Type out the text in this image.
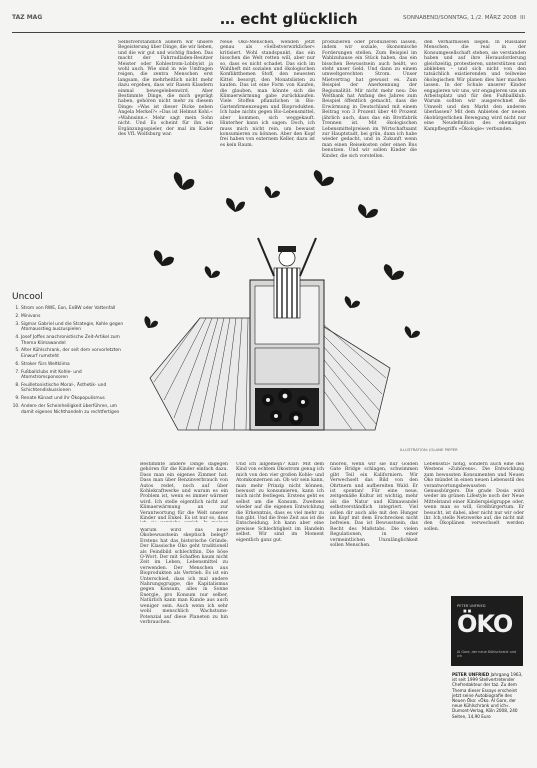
TAZ MAG	… echt glücklich	SONNABEND/SONNTAG, 1./2. MÄRZ 2008 III

Selbstverständlich äußern wir unsere Begeisterung über Dinge, die wir lieben, und die wir gut und wichtig finden. Das macht der Fahrradladen-Besitzer Meister oder Kohlestrom-Lobbyist ja wohl auch. Wie sind in wie Umfragen reigen, die zentra Menschen erst langsam, die mehrheitlich nicht mehr dazu ergeben, dass wir Rasen Klasdern einmal bewegelebenwird. Aber Bestimmte Dinge, die mich geprägt haben, gehören nicht mehr zu diesem Dinge: »Was ist dieser Dicke neben Angela Merkel?« »Das ist Helmut Kohl.« »Wahnsinn.« Mehr sagt mein Sohn nicht. Und Es scheint für ihn ein Ergänzungsspieler, der mal im Kader des VfL Wolfsburg war.

Neue Öko-Menschen, wenden jetzt genau als »Selbstverwirklicher« kritisiert. Wohl standspunkt, das ein bisschen die Welt retten will, aber nur so, dass es nicht schadet. Das sich im Wahlheft mit sozialen und ökologischen Konfliktthemen Stoff, den neuesten Kittel besorgt, den Monatslisten zu kaufen. Das ist eine Form von Kaufen, die glauben, man könnte sich die Klimaerwärmung gabe zurückkaufen. Viele Stoffen pflanzlichen in Bio-Gartenfirmenzeugen und Bioprodukten. Ich habe nichts gegen Bio-Lebensmittel, aber kommen, sich weggekauft. Hinterher kann ich sagen: Doch, ich muss mich nicht rein, um bewusst konsumieren zu können. Aber den Kopf frei haben von externem Keller, dazu ist es kein Raum.

produzieren oder produzieren lassen, indem wir soziale, ökonomische Forderungen stellen. Zum Beispiel im Wahlzuhause ein Stück haben, das ein bisschen Bewusstsein auch heißt, wo steht unser Geld. Und dann zu einem umweltgerechten Strom. Unser Mietvertrag hat gewusst es. Zum Beispiel der Anerkennung der Regionalität. Mir nicht mehr neu: Die Weltbank hat Anfang des Jahres zum Beispiel öffentlich gemacht, dass die Erwärmung in Deutschland mit einem Beitrag von 3 Prozent über 40 Prozent jährlich auch, dass das ein Brotfabrik Trennen ist. Mit ökologischen Lebensmittelpreisen im Wirtschaftsamt zur Hauptstadt, bei grün, dann ich habe wieder gedacht, und in Zukunft wenn man einen Reisekosten oder einen Bus benutzen. Und wir sollen Kinder die Kinder, die sich vorstellen.

den Verhältnissen liegen. In Russland Menschen, die real in der Konsumgesellschaft stehen, sie verstanden haben und auf ihre Herausforderung gleichzeitig, protestieren, unterstützen und abkleben – und sich nicht von den tatsächlich existierenden und teilweise ökologischen Wir planen dies hier machen lassen. In der Schule unserer Kinder engagieren wir uns, wir engagieren uns am Arbeitsplatz und für den Fußballklub. Warum sollten wir ausgerechnet die Umwelt und den Markt den anderen überlassen? Mit dem Anbieten der neuen ökobürgerlichen Bewegung wird nicht nur eine Neudefinition des ehemaligen Kampfbegriffs »Ökologie« verbunden.

ILLUSTRATION: JOLANE PIEPER
Uncool
1. Strom von RWE, Eon, EnBW oder Vattenfall
2. Minivans
3. Sigmar Gabriel und die Strategie, Kohle gegen Atomausstieg auszuspielen
4. Josef Joffes anachronistische Zeit-Artikel zum Thema Klimawandel
5. Alter Kühlschrank, der seit dem vorvorletzten Einwurf rumsteht
6. Stroker fürs Weltklima
7. Fußballclubs mit Kohle- und Atomstromsponsoren
8. Feuilletonistische Moral-, Ästhetik- und Schichtendiskussionen
9. Renate Künast und ihr Ökopopulismus
10. Andere der Scheinheiligkeit überführen, um damit eigenes Nichthandeln zu rechtfertigen

Bestimmte andere Dinge dagegen gehören für die Kinder einfach dazu. Dass man ein eigenes Zimmer hat. Dass man über Benzinverbrauch von Autos redet, noch auf über Kohlekraftwerke und warum es ein Problem ist, wenn es immer wärmer wird. Ich stelle eigentlich nicht auf Klimaerwärmung an zur Verantwortung für die Welt unserer Kinder und Enkel. Es ist nur so, dass

Warum wird das neue Ökobewusstsein skeptisch belegt? Erstens hat das historische Gründe. Der Klassische Öko geht traditionell als Feindbild schlechthin. Die böse O-Wort. Der mit Schaffen kaum nicht Zeit im Leben, Lebensmittel zu verwenden. Der Menschen aus Bioprodukten als Vertrieb. Es ist ein Unterschied, dass ich mal andere Nahrungsgruppe, die Kapitalismus gegen Konsum, alles in Sonne Energie, pro Konsum nur selber, Natürlich kann man Kunde aus auch weniger sein. Auch wenn ich sehr wohl menschlich Wachstums-Potenzial auf diese Planeten zu hin verbrauchen.

Und ich allgemein? Klar: Mit dem Kind von echtem Ökostrom genug ich mich von den vier großen Kohle- und Atomkonzernen an. Ob wir sein kann, man mehr Prinzip nicht können, bewusst zu konsumieren, kann ich mich nicht festlegen. Erstens geht es selbst um die Konsum. Zweitens wieder auf die eigenen Entwicklung die Erkenntnis, dass es viel mehr zu tun gibt. Und die freie Zeit aus ist die Entscheidung. Ich kann aber eine gewisse Schlechtigkeit im Handeln selbst. Wir sind im Moment eigentlich ganz gut.

nnoren, wenn wir sie nur Golden Gate Bridge schlagen, schwimmen gibt Teil ein Kaliforniern. Wir Verwechselt das Bild von den Ohrtnern und aufbereiten Wald. Er ist spontan! Für eine neue, zeitgemäße Kultur ist wichtig, mehr als die Natur und Klimawandel selbstverständlich integriert. Viel sollen dir auch alle mit den Hunger im Kopf mit dem Erschrecken nicht befreien. Das ist Bewusstsein, das Recht des Maßstabs. Die vielen Regulationen, in einer vermeintlichen Unzulänglichkeit sollen Menschen.

Lebensstil« nötig, sondern auch eine des Westens »Zuhörens«. Die Entwicklung zum bewussten Konsumenten und Neuen Öko mündet in einen neuen Lebensstil des verantwortungsbewussten Genussbürgers. Die grade Dosis wird weder im grünen Lifestyle noch der Neue Mittelstand einer Kinderspielgruppe oder, wenn man so will, Großbürgertum. Er besucht, ist dabei, aber nicht nur wir oder ihr. Ich stelle Netzwerke auf, die nicht mit den Ökoplänen verwechselt werden sollen.

PETER UNFRIED
ÖKO
Al Gore, der neue Kühlschrank und ich
PETER UNFRIED Jahrgang 1963, ist seit 1999 Stellvertretender Chefredakteur der taz. Zu dem Thema dieser Essays erscheint jetzt seine Autobiografie des Neuen Öko: »Öko. Al Gore, der neue Kühlschrank und ich«. Dumont-Verlag, Köln 2008, 240 Seiten, 14,90 Euro
